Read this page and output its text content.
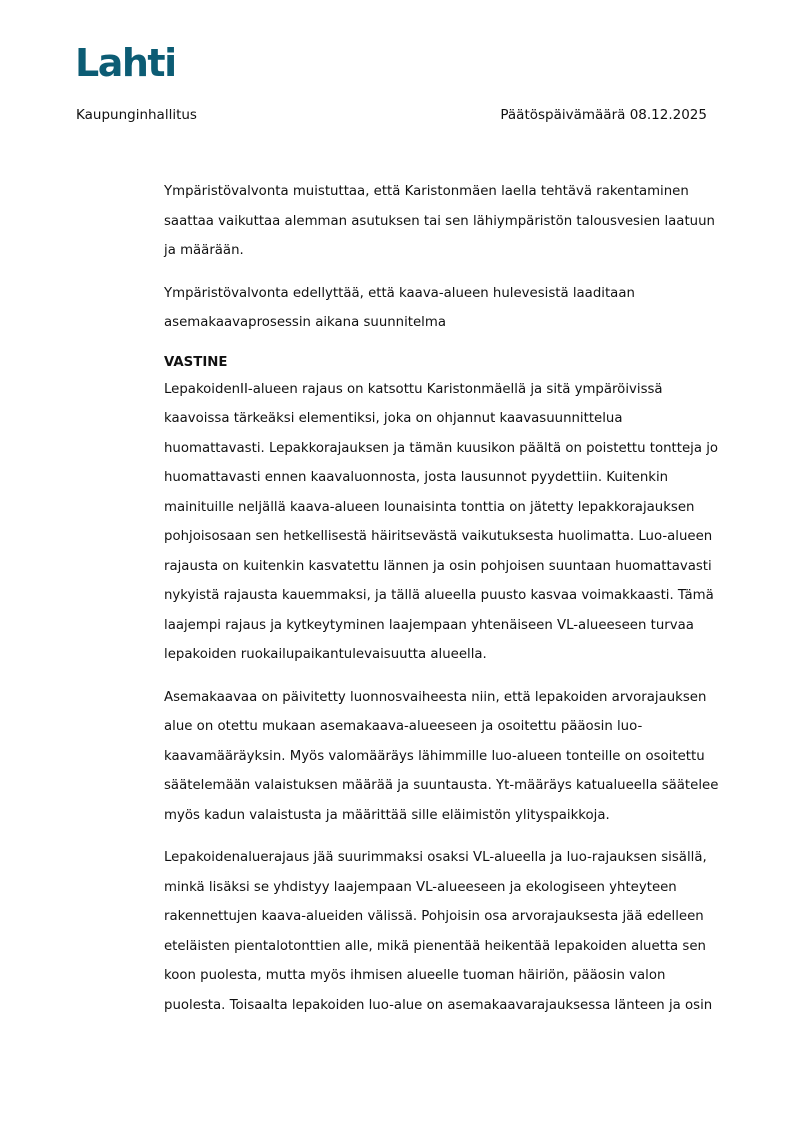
Lahti
Kaupunginhallitus	Päätöspäivämäärä 08.12.2025

Ympäristövalvonta muistuttaa, että Karistonmäen laella tehtävä rakentaminen saattaa vaikuttaa alemman asutuksen tai sen lähiympäristön talousvesien laatuun ja määrään.

Ympäristövalvonta edellyttää, että kaava-alueen hulevesistä laaditaan asemakaavaprosessin aikana suunnitelma

VASTINE

LepakoidenII-alueen rajaus on katsottu Karistonmäellä ja sitä ympäröivissä kaavoissa tärkeäksi elementiksi, joka on ohjannut kaavasuunnittelua huomattavasti. Lepakkorajauksen ja tämän kuusikon päältä on poistettu tontteja jo huomattavasti ennen kaavaluonnosta, josta lausunnot pyydettiin. Kuitenkin mainituille neljällä kaava-alueen lounaisinta tonttia on jätetty lepakkorajauksen pohjoisosaan sen hetkellisestä häiritsevästä vaikutuksesta huolimatta. Luo-alueen rajausta on kuitenkin kasvatettu lännen ja osin pohjoisen suuntaan huomattavasti nykyistä rajausta kauemmaksi, ja tällä alueella puusto kasvaa voimakkaasti. Tämä laajempi rajaus ja kytkeytyminen laajempaan yhtenäiseen VL-alueeseen turvaa lepakoiden ruokailupaikantulevaisuutta alueella.

Asemakaavaa on päivitetty luonnosvaiheesta niin, että lepakoiden arvorajauksen alue on otettu mukaan asemakaava-alueeseen ja osoitettu pääosin luo-kaavamääräyksin. Myös valomääräys lähimmille luo-alueen tonteille on osoitettu säätelemään valaistuksen määrää ja suuntausta. Yt-määräys katualueella säätelee myös kadun valaistusta ja määrittää sille eläimistön ylityspaikkoja.

Lepakoidenaluerajaus jää suurimmaksi osaksi VL-alueella ja luo-rajauksen sisällä, minkä lisäksi se yhdistyy laajempaan VL-alueeseen ja ekologiseen yhteyteen rakennettujen kaava-alueiden välissä. Pohjoisin osa arvorajauksesta jää edelleen eteläisten pientalotonttien alle, mikä pienentää heikentää lepakoiden aluetta sen koon puolesta, mutta myös ihmisen alueelle tuoman häiriön, pääosin valon puolesta. Toisaalta lepakoiden luo-alue on asemakaavarajauksessa länteen ja osin
